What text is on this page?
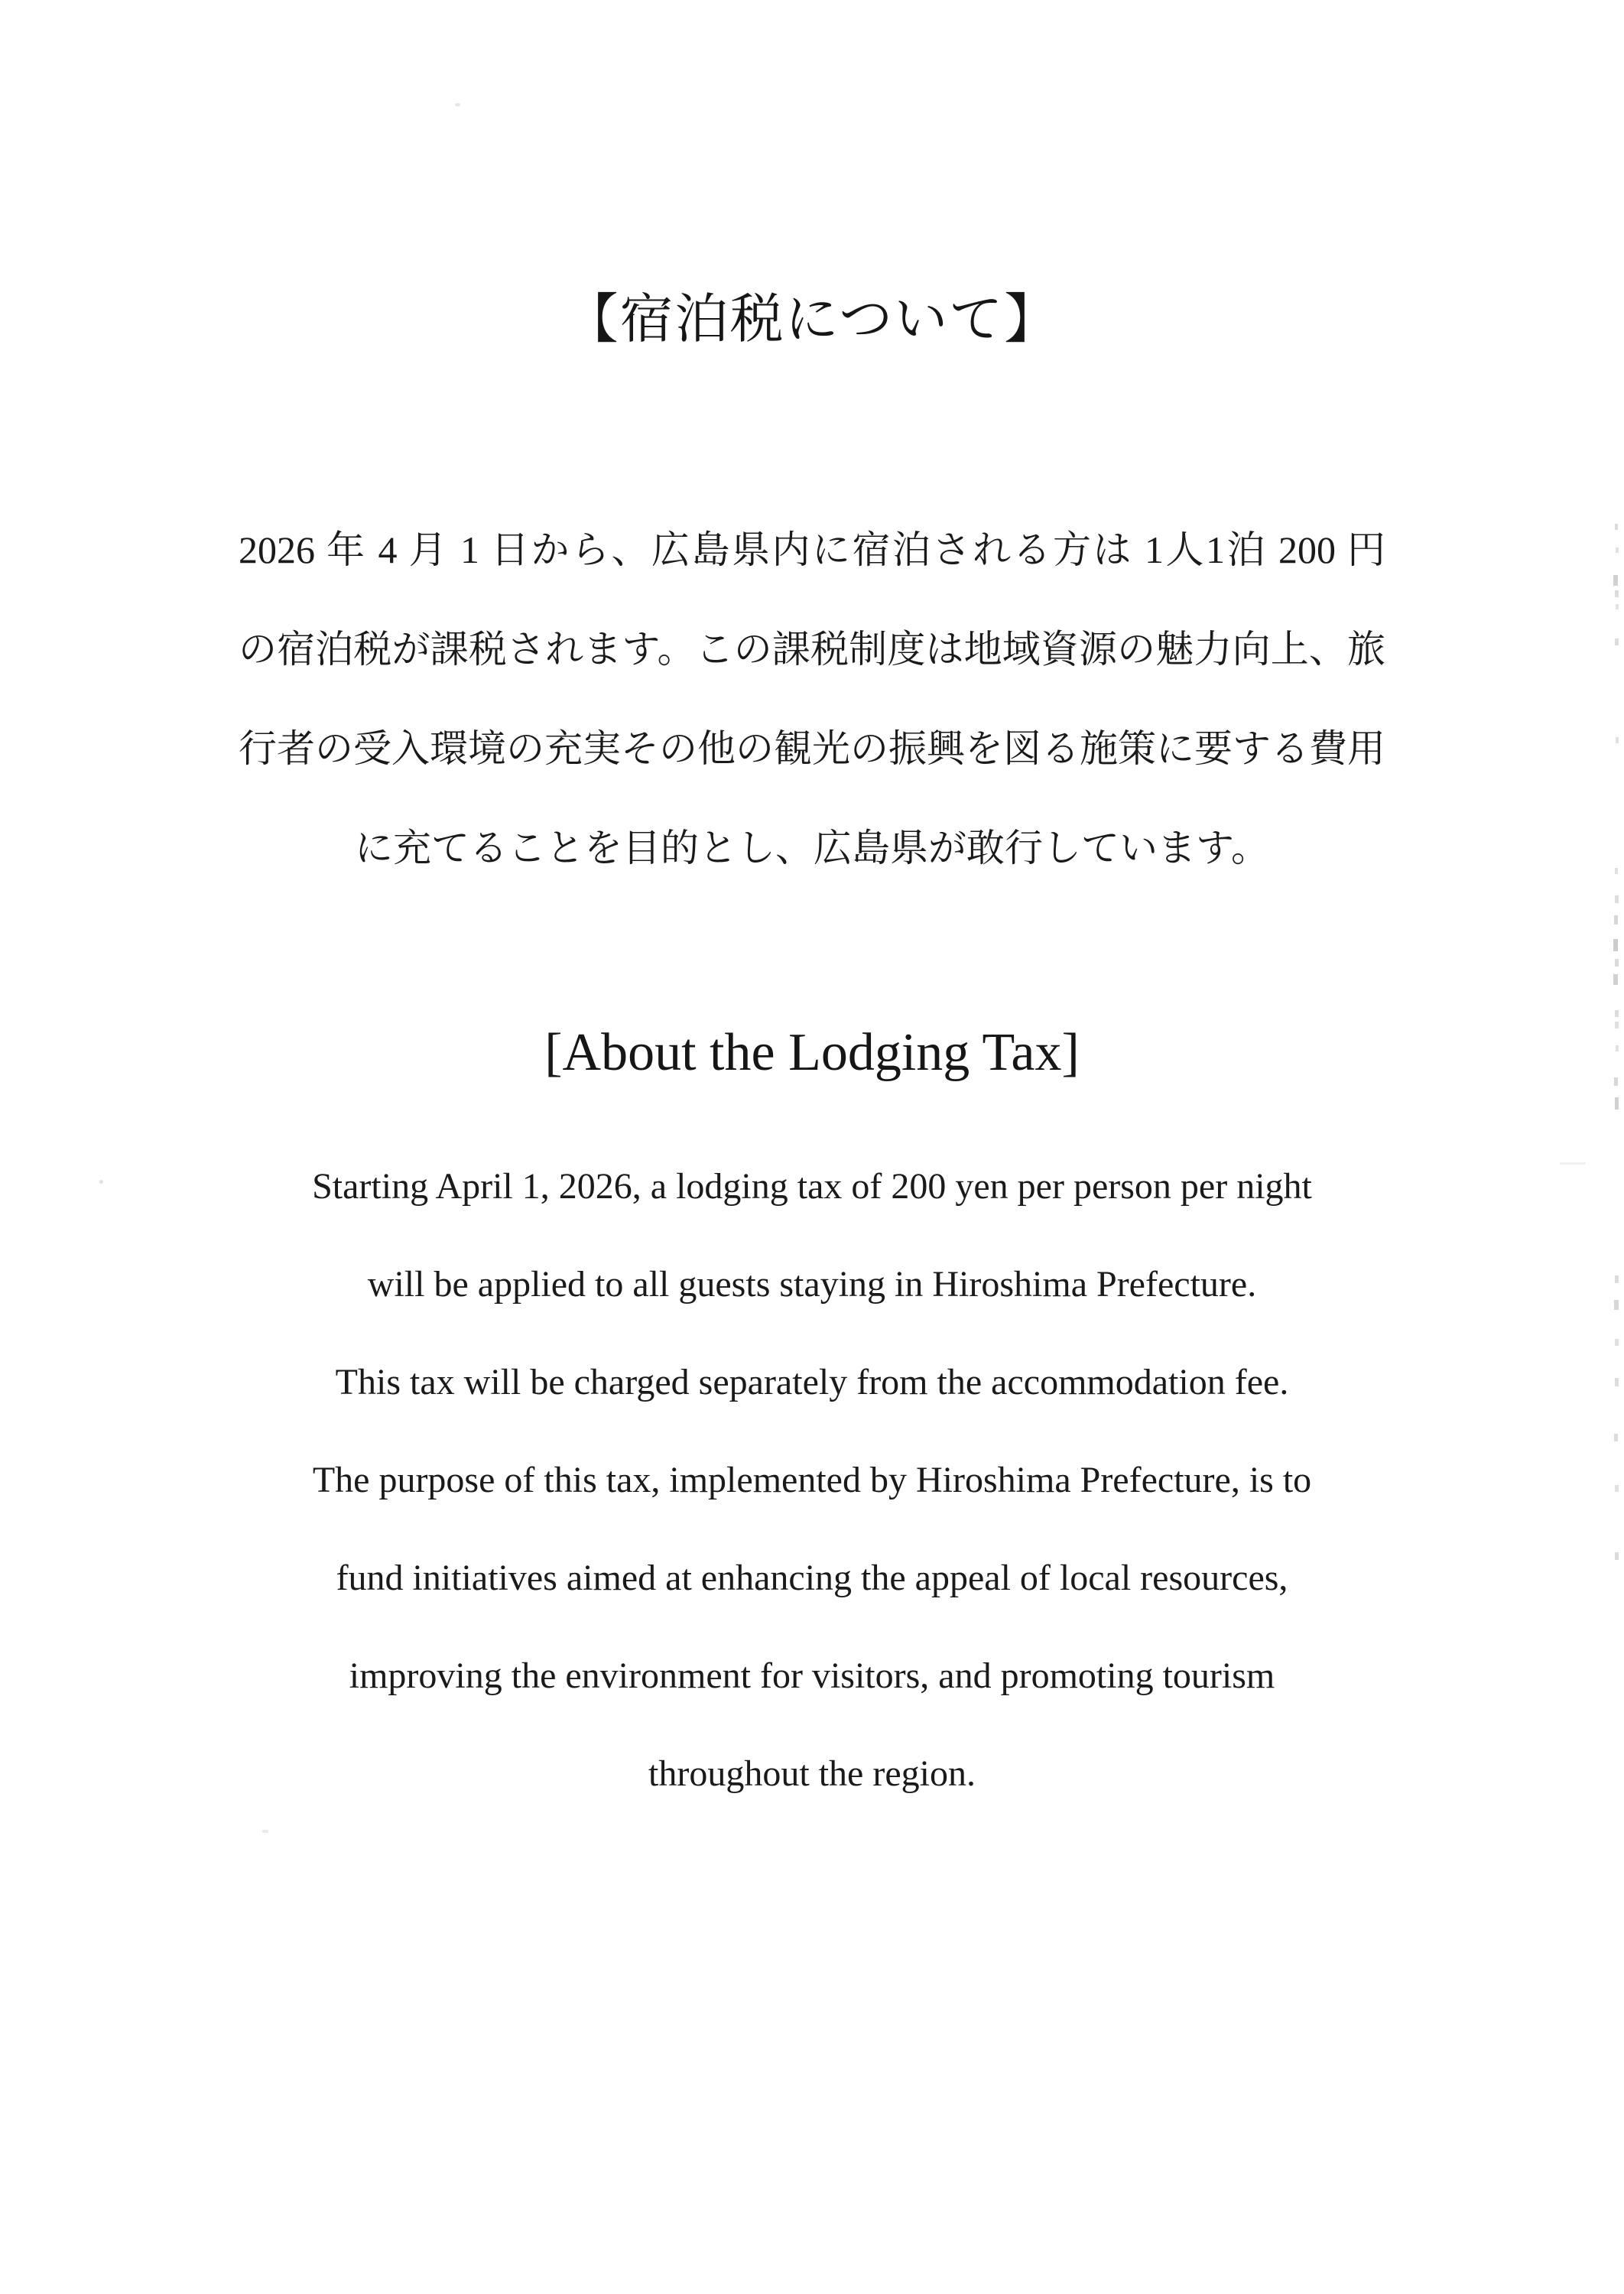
【宿泊税について】
2026 年 4 月 1 日から、広島県内に宿泊される方は 1人1泊 200 円
の宿泊税が課税されます。この課税制度は地域資源の魅力向上、旅
行者の受入環境の充実その他の観光の振興を図る施策に要する費用
に充てることを目的とし、広島県が敢行しています。
[About the Lodging Tax]
Starting April 1, 2026, a lodging tax of 200 yen per person per night
will be applied to all guests staying in Hiroshima Prefecture.
This tax will be charged separately from the accommodation fee.
The purpose of this tax, implemented by Hiroshima Prefecture, is to
fund initiatives aimed at enhancing the appeal of local resources,
improving the environment for visitors, and promoting tourism
throughout the region.
